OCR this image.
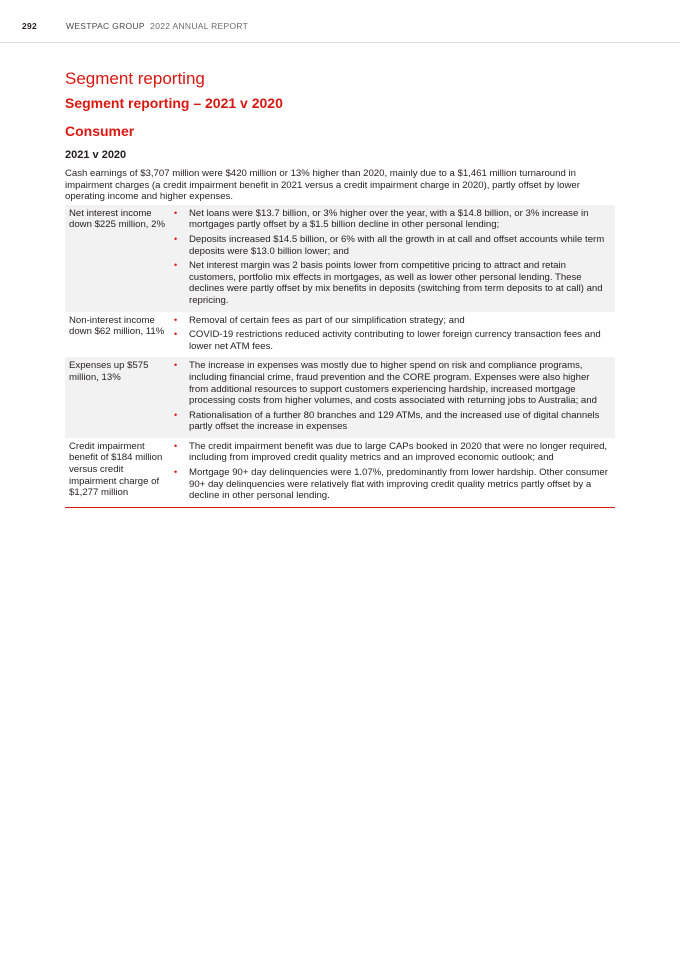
292	WESTPAC GROUP 2022 ANNUAL REPORT
Segment reporting
Segment reporting – 2021 v 2020
Consumer

2021 v 2020

Cash earnings of $3,707 million were $420 million or 13% higher than 2020, mainly due to a $1,461 million turnaround in impairment charges (a credit impairment benefit in 2021 versus a credit impairment charge in 2020), partly offset by lower operating income and higher expenses.

Net interest income down $225 million, 2%
•	Net loans were $13.7 billion, or 3% higher over the year, with a $14.8 billion, or 3% increase in mortgages partly offset by a $1.5 billion decline in other personal lending;
•	Deposits increased $14.5 billion, or 6% with all the growth in at call and offset accounts while term deposits were $13.0 billion lower; and
•	Net interest margin was 2 basis points lower from competitive pricing to attract and retain customers, portfolio mix effects in mortgages, as well as lower other personal lending. These declines were partly offset by mix benefits in deposits (switching from term deposits to at call) and repricing.
Non-interest income down $62 million, 11%
•	Removal of certain fees as part of our simplification strategy; and
•	COVID-19 restrictions reduced activity contributing to lower foreign currency transaction fees and lower net ATM fees.
Expenses up $575 million, 13%
•	The increase in expenses was mostly due to higher spend on risk and compliance programs, including financial crime, fraud prevention and the CORE program. Expenses were also higher from additional resources to support customers experiencing hardship, increased mortgage processing costs from higher volumes, and costs associated with returning jobs to Australia; and
•	Rationalisation of a further 80 branches and 129 ATMs, and the increased use of digital channels partly offset the increase in expenses
Credit impairment benefit of $184 million versus credit impairment charge of $1,277 million
•	The credit impairment benefit was due to large CAPs booked in 2020 that were no longer required, including from improved credit quality metrics and an improved economic outlook; and
•	Mortgage 90+ day delinquencies were 1.07%, predominantly from lower hardship. Other consumer 90+ day delinquencies were relatively flat with improving credit quality metrics partly offset by a decline in other personal lending.
